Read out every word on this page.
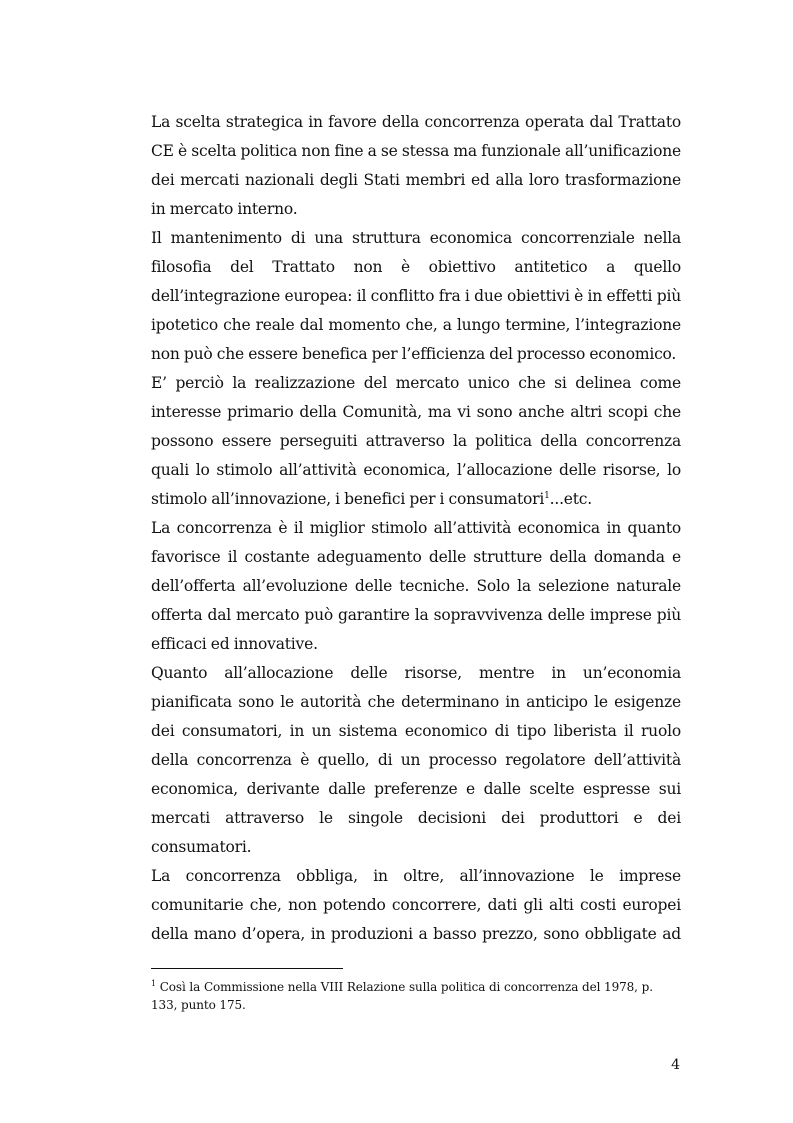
La scelta strategica in favore della concorrenza operata dal Trattato CE è scelta politica non fine a se stessa ma funzionale all’unificazione dei mercati nazionali degli Stati membri ed alla loro trasformazione in mercato interno.

Il mantenimento di una struttura economica concorrenziale nella filosofia del Trattato non è obiettivo antitetico a quello dell’integrazione europea: il conflitto fra i due obiettivi è in effetti più ipotetico che reale dal momento che, a lungo termine, l’integrazione non può che essere benefica per l’efficienza del processo economico.

E’ perciò la realizzazione del mercato unico che si delinea come interesse primario della Comunità, ma vi sono anche altri scopi che possono essere perseguiti attraverso la politica della concorrenza quali lo stimolo all’attività economica, l’allocazione delle risorse, lo stimolo all’innovazione, i benefici per i consumatori$^1$...etc.

La concorrenza è il miglior stimolo all’attività economica in quanto favorisce il costante adeguamento delle strutture della domanda e dell’offerta all’evoluzione delle tecniche. Solo la selezione naturale offerta dal mercato può garantire la sopravvivenza delle imprese più efficaci ed innovative.

Quanto all’allocazione delle risorse, mentre in un’economia pianificata sono le autorità che determinano in anticipo le esigenze dei consumatori, in un sistema economico di tipo liberista il ruolo della concorrenza è quello, di un processo regolatore dell’attività economica, derivante dalle preferenze e dalle scelte espresse sui mercati attraverso le singole decisioni dei produttori e dei consumatori.

La concorrenza obbliga, in oltre, all’innovazione le imprese comunitarie che, non potendo concorrere, dati gli alti costi europei della mano d’opera, in produzioni a basso prezzo, sono obbligate ad

$^1$ Così la Commissione nella VIII Relazione sulla politica di concorrenza del 1978, p. 133, punto 175.
4
